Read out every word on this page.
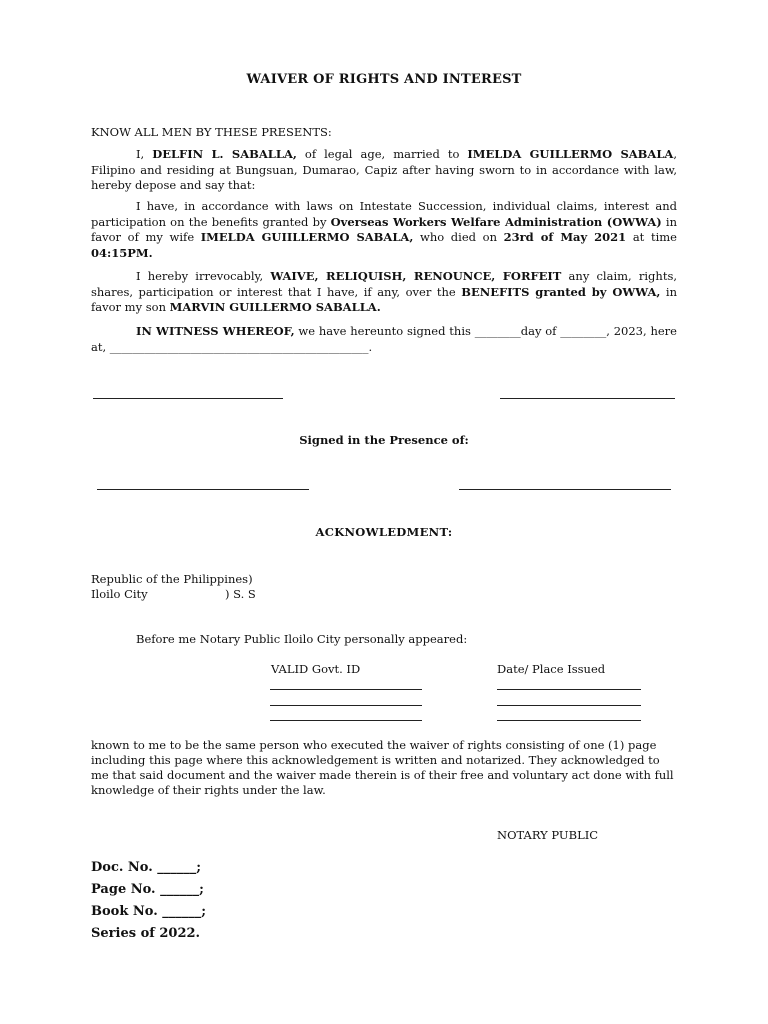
WAIVER OF RIGHTS AND INTEREST
KNOW ALL MEN BY THESE PRESENTS:
I, DELFIN L. SABALLA, of legal age, married to IMELDA GUILLERMO SABALA, Filipino and residing at Bungsuan, Dumarao, Capiz after having sworn to in accordance with law, hereby depose and say that:
I have, in accordance with laws on Intestate Succession, individual claims, interest and participation on the benefits granted by Overseas Workers Welfare Administration (OWWA) in favor of my wife IMELDA GUIILLERMO SABALA, who died on 23rd of May 2021 at time 04:15PM.
I hereby irrevocably, WAIVE, RELIQUISH, RENOUNCE, FORFEIT any claim, rights, shares, participation or interest that I have, if any, over the BENEFITS granted by OWWA, in favor my son MARVIN GUILLERMO SABALLA.
IN WITNESS WHEREOF, we have hereunto signed this ________day of ________, 2023, here at, _____________________________________________.
Signed in the Presence of:
ACKNOWLEDMENT:
Republic of the Philippines)
Iloilo City	) S. S
Before me Notary Public Iloilo City personally appeared:
VALID Govt. ID	Date/ Place Issued
known to me to be the same person who executed the waiver of rights consisting of one (1) page including this page where this acknowledgement is written and notarized. They acknowledged to me that said document and the waiver made therein is of their free and voluntary act done with full knowledge of their rights under the law.
NOTARY PUBLIC
Doc. No. ______;
Page No. ______;
Book No. ______;
Series of 2022.
